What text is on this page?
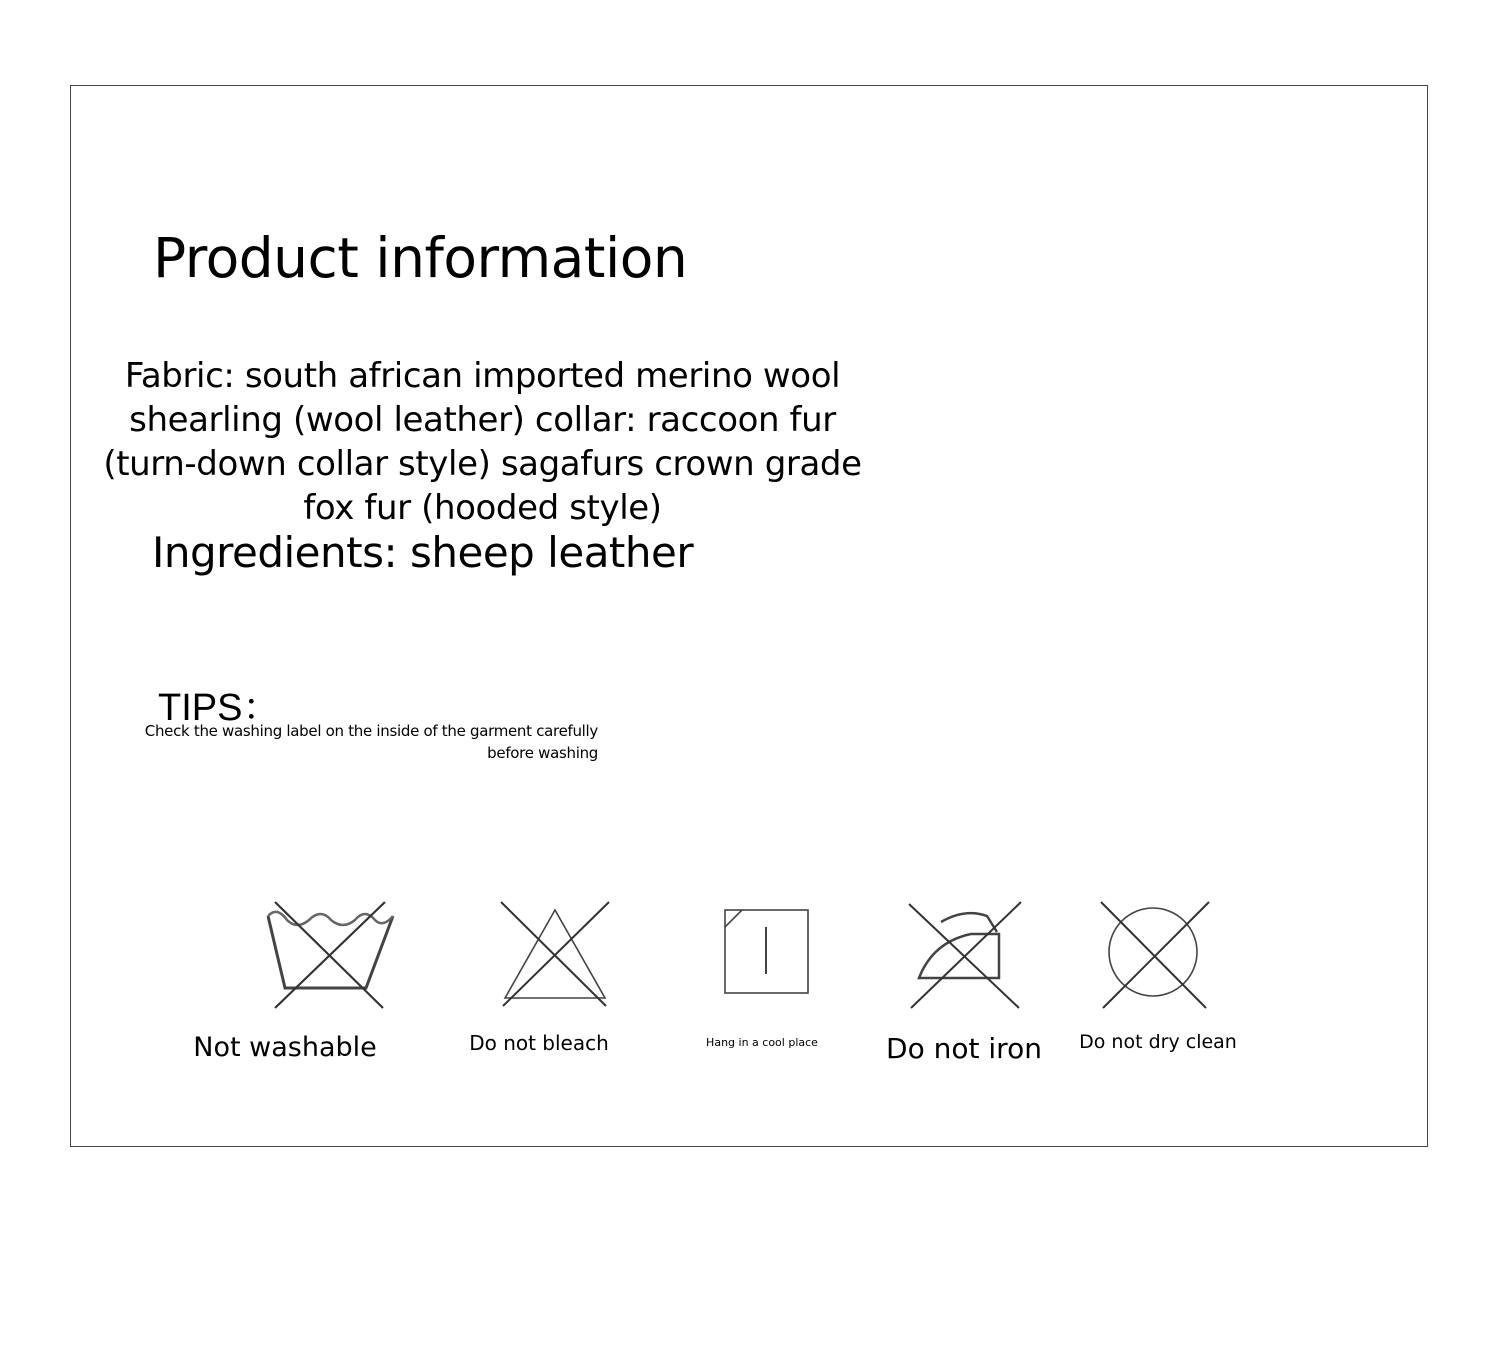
Product information

Fabric: south african imported merino wool shearling (wool leather) collar: raccoon fur (turn-down collar style) sagafurs crown grade fox fur (hooded style)

Ingredients: sheep leather

TIPS：

Check the washing label on the inside of the garment carefully before washing

Not washable	Do not bleach	Hang in a cool place Do not iron Do not dry clean
